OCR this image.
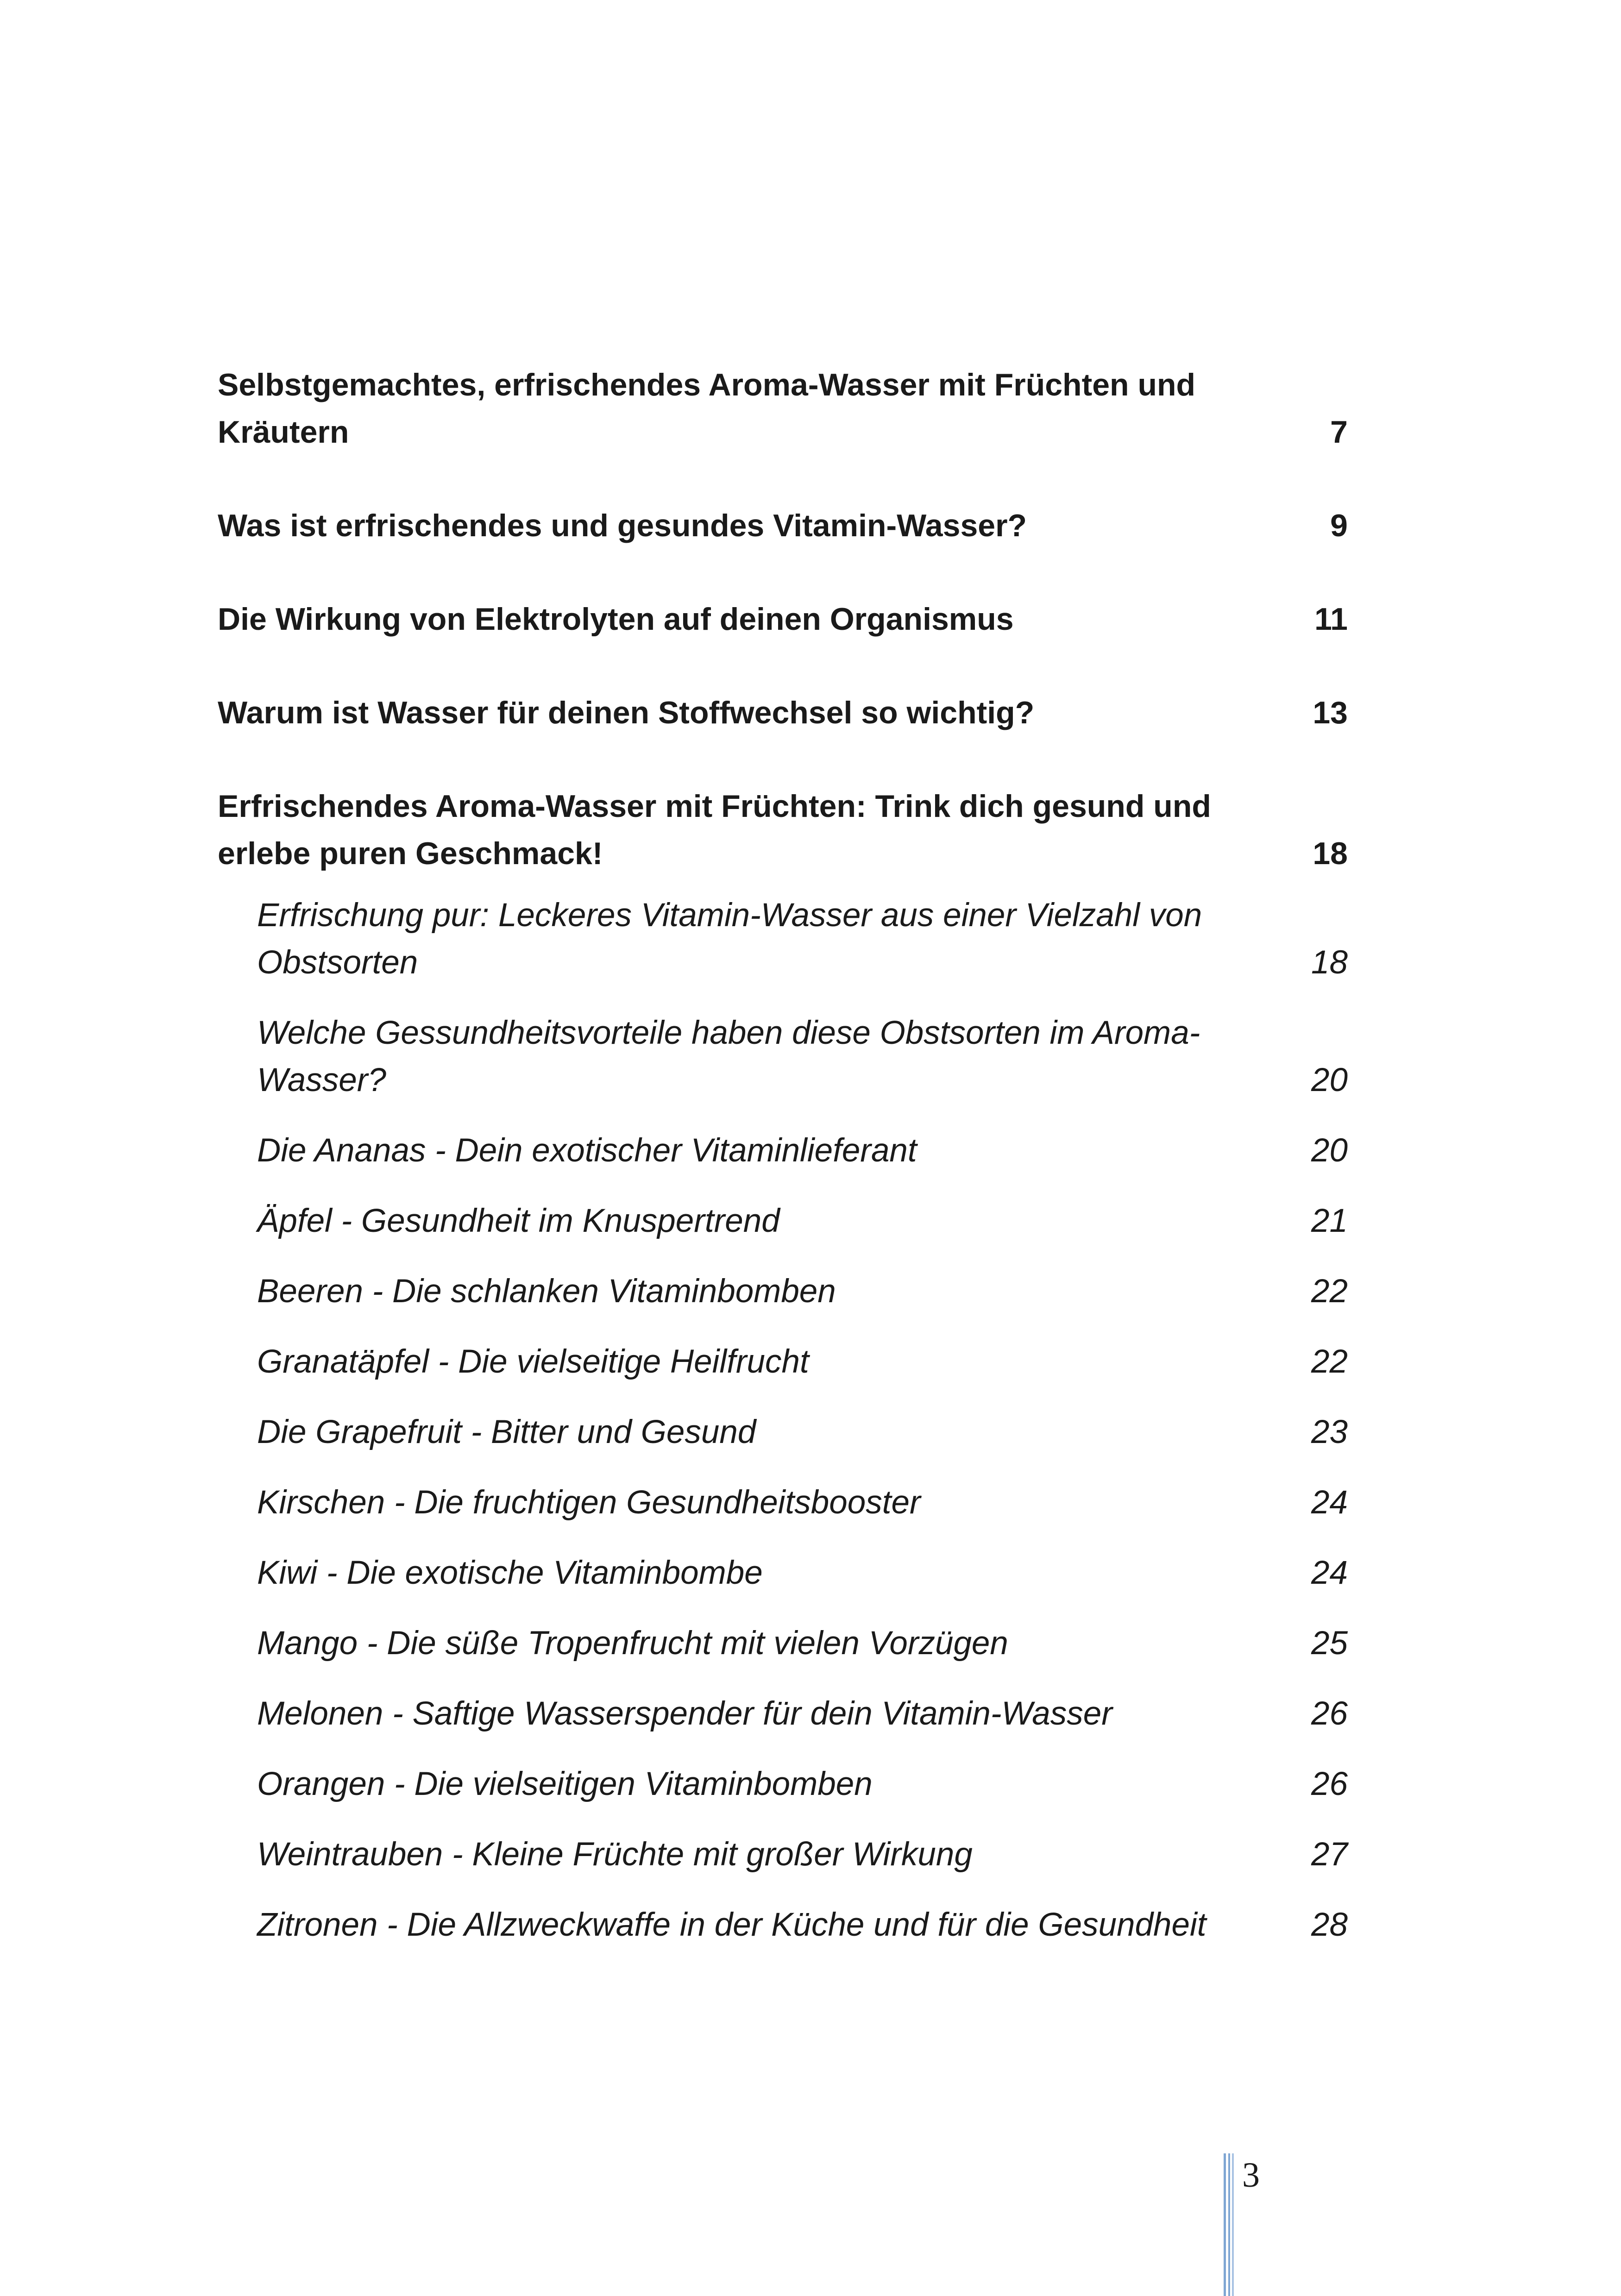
Selbstgemachtes, erfrischendes Aroma-Wasser mit Früchten und
Kräutern	7
Was ist erfrischendes und gesundes Vitamin-Wasser?	9
Die Wirkung von Elektrolyten auf deinen Organismus	11
Warum ist Wasser für deinen Stoffwechsel so wichtig?	13
Erfrischendes Aroma-Wasser mit Früchten: Trink dich gesund und
erlebe puren Geschmack!	18
Erfrischung pur: Leckeres Vitamin-Wasser aus einer Vielzahl von
Obstsorten	18
Welche Gessundheitsvorteile haben diese Obstsorten im Aroma-
Wasser?	20
Die Ananas - Dein exotischer Vitaminlieferant	20
Äpfel - Gesundheit im Knuspertrend	21
Beeren - Die schlanken Vitaminbomben	22
Granatäpfel - Die vielseitige Heilfrucht	22
Die Grapefruit - Bitter und Gesund	23
Kirschen - Die fruchtigen Gesundheitsbooster	24
Kiwi - Die exotische Vitaminbombe	24
Mango - Die süße Tropenfrucht mit vielen Vorzügen	25
Melonen - Saftige Wasserspender für dein Vitamin-Wasser	26
Orangen - Die vielseitigen Vitaminbomben	26
Weintrauben - Kleine Früchte mit großer Wirkung	27
Zitronen - Die Allzweckwaffe in der Küche und für die Gesundheit	28
3
